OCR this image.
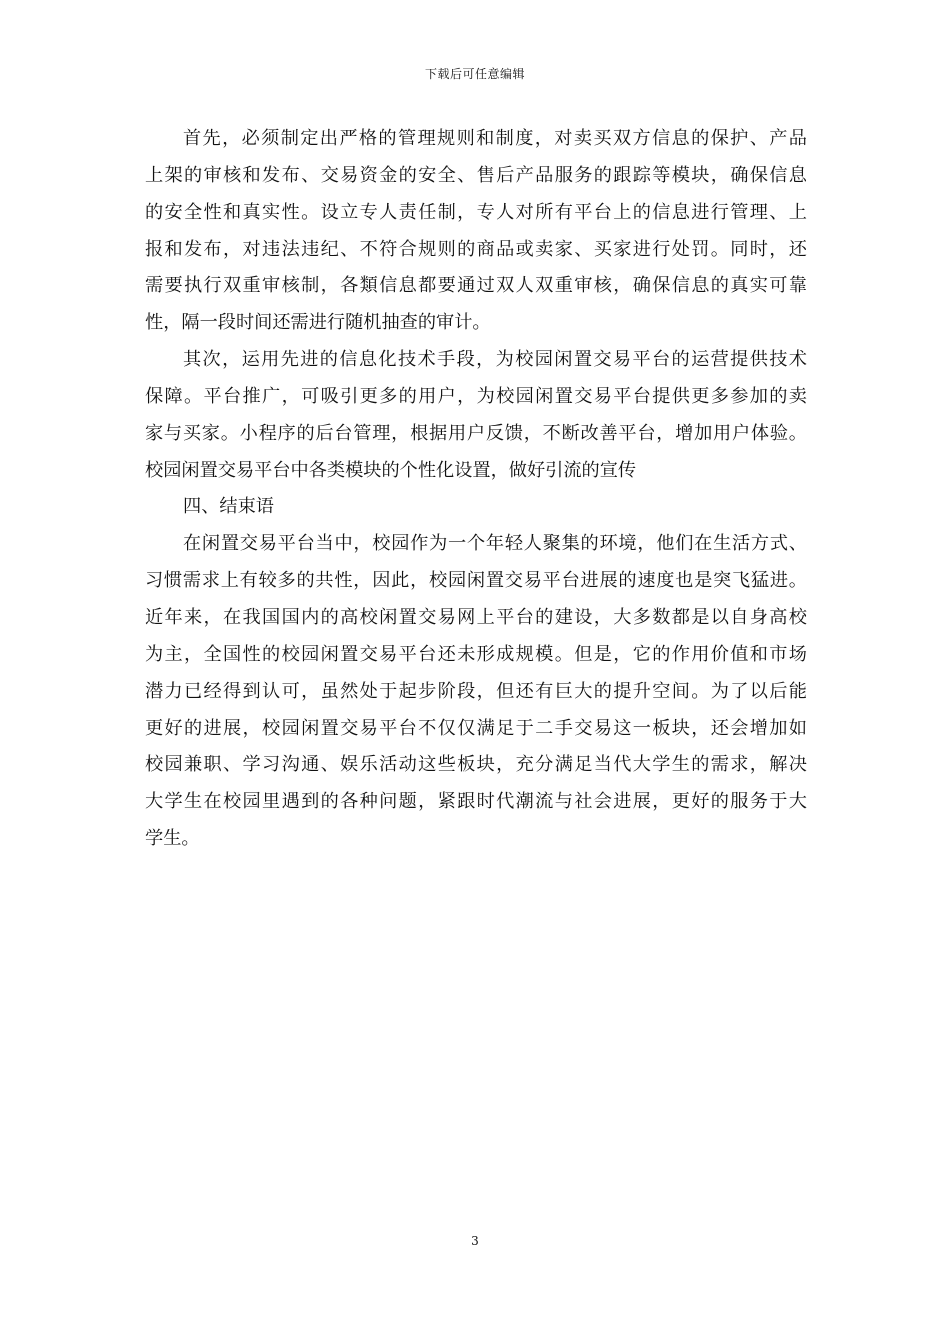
下载后可任意编辑
首先，必须制定出严格的管理规则和制度，对卖买双方信息的保护、产品
上架的审核和发布、交易资金的安全、售后产品服务的跟踪等模块，确保信息
的安全性和真实性。设立专人责任制，专人对所有平台上的信息进行管理、上
报和发布，对违法违纪、不符合规则的商品或卖家、买家进行处罚。同时，还
需要执行双重审核制，各類信息都要通过双人双重审核，确保信息的真实可靠
性，隔一段时间还需进行随机抽查的审计。
其次，运用先进的信息化技术手段，为校园闲置交易平台的运营提供技术
保障。平台推广，可吸引更多的用户，为校园闲置交易平台提供更多参加的卖
家与买家。小程序的后台管理，根据用户反馈，不断改善平台，增加用户体验。
校园闲置交易平台中各类模块的个性化设置，做好引流的宣传
四、结束语
在闲置交易平台当中，校园作为一个年轻人聚集的环境，他们在生活方式、
习惯需求上有较多的共性，因此，校园闲置交易平台进展的速度也是突飞猛进。
近年来，在我国国内的高校闲置交易网上平台的建设，大多数都是以自身高校
为主，全国性的校园闲置交易平台还未形成规模。但是，它的作用价值和市场
潜力已经得到认可，虽然处于起步阶段，但还有巨大的提升空间。为了以后能
更好的进展，校园闲置交易平台不仅仅满足于二手交易这一板块，还会增加如
校园兼职、学习沟通、娱乐活动这些板块，充分满足当代大学生的需求，解决
大学生在校园里遇到的各种问题，紧跟时代潮流与社会进展，更好的服务于大
学生。
3
